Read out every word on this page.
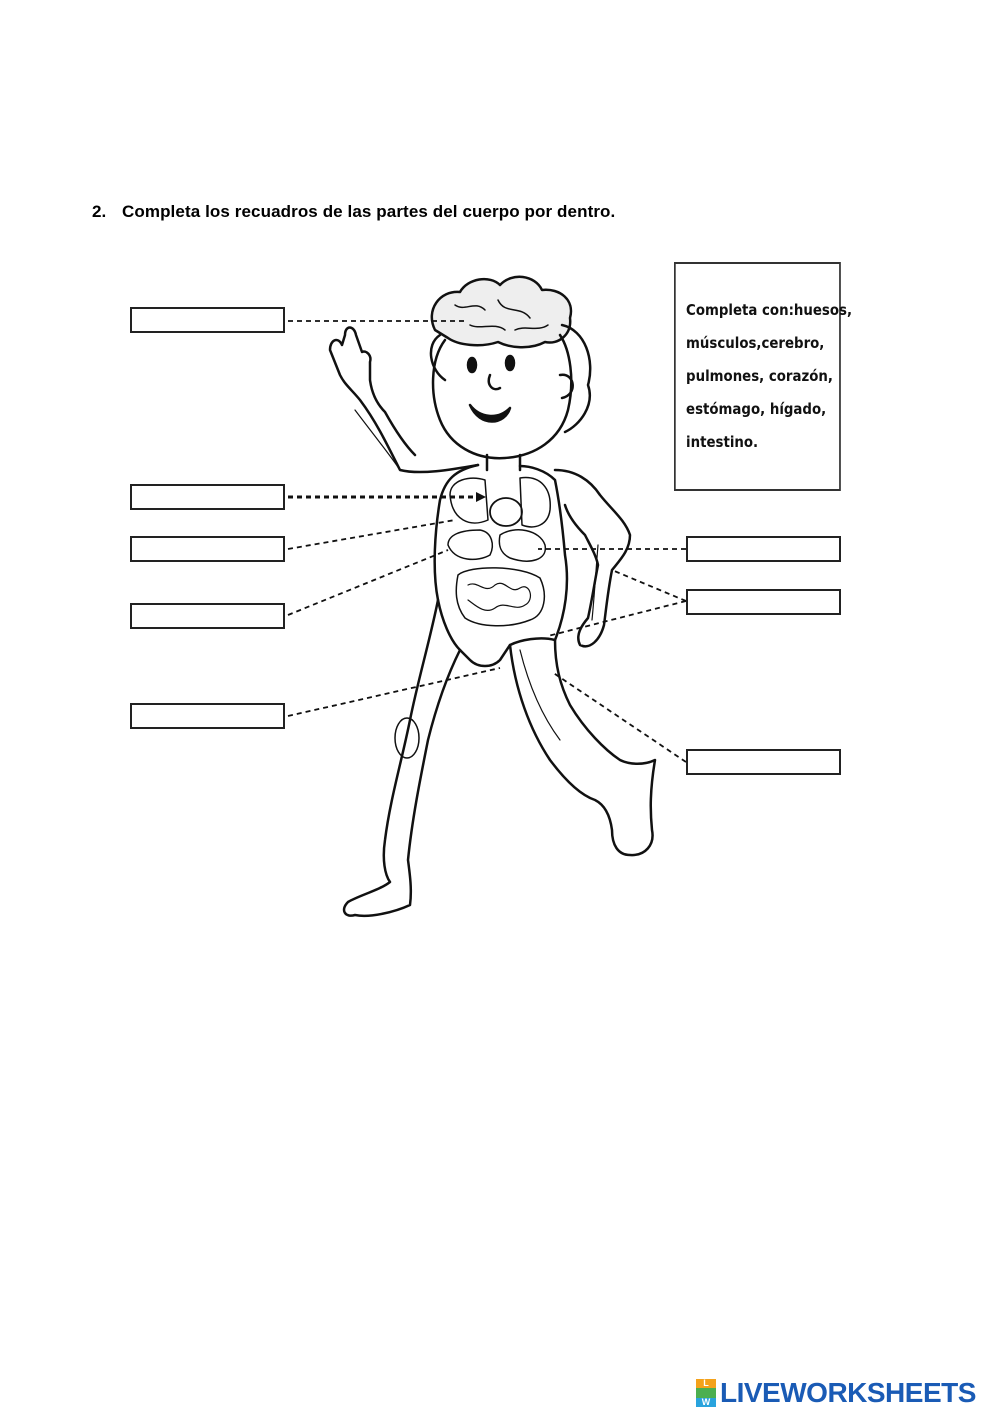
2. Completa los recuadros de las partes del cuerpo por dentro.
Completa con:huesos,
músculos,cerebro,
pulmones, corazón,
estómago, hígado,
intestino.
L
W LIVEWORKSHEETS
